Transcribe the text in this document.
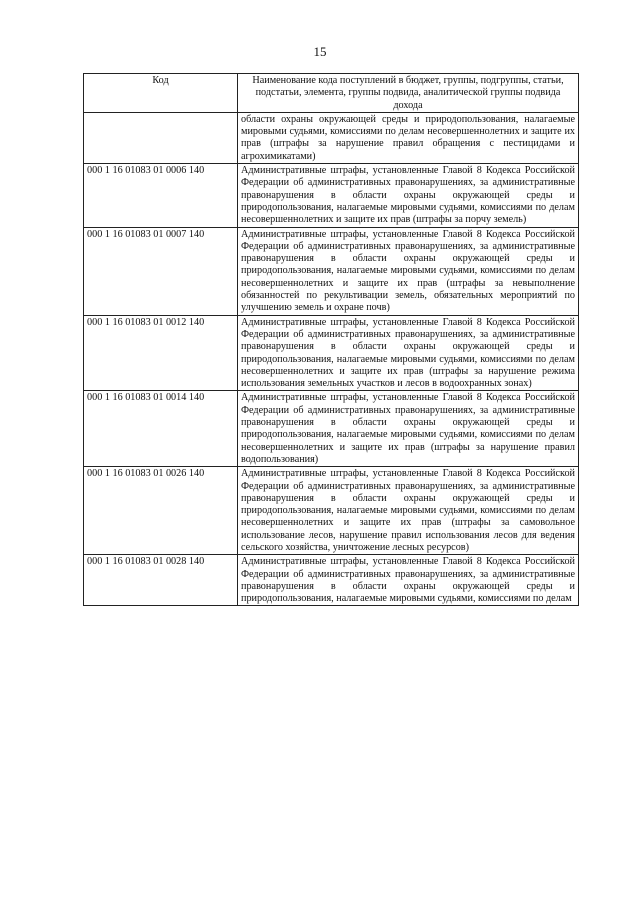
15
Код	Наименование кода поступлений в бюджет, группы, подгруппы, статьи, подстатьи, элемента, группы подвида, аналитической группы подвида дохода
	области охраны окружающей среды и природопользования, налагаемые мировыми судьями, комиссиями по делам несовершеннолетних и защите их прав (штрафы за нарушение правил обращения с пестицидами и агрохимикатами)
000 1 16 01083 01 0006 140	Административные штрафы, установленные Главой 8 Кодекса Российской Федерации об административных правонарушениях, за административные правонарушения в области охраны окружающей среды и природопользования, налагаемые мировыми судьями, комиссиями по делам несовершеннолетних и защите их прав (штрафы за порчу земель)
000 1 16 01083 01 0007 140	Административные штрафы, установленные Главой 8 Кодекса Российской Федерации об административных правонарушениях, за административные правонарушения в области охраны окружающей среды и природопользования, налагаемые мировыми судьями, комиссиями по делам несовершеннолетних и защите их прав (штрафы за невыполнение обязанностей по рекультивации земель, обязательных мероприятий по улучшению земель и охране почв)
000 1 16 01083 01 0012 140	Административные штрафы, установленные Главой 8 Кодекса Российской Федерации об административных правонарушениях, за административные правонарушения в области охраны окружающей среды и природопользования, налагаемые мировыми судьями, комиссиями по делам несовершеннолетних и защите их прав (штрафы за нарушение режима использования земельных участков и лесов в водоохранных зонах)
000 1 16 01083 01 0014 140	Административные штрафы, установленные Главой 8 Кодекса Российской Федерации об административных правонарушениях, за административные правонарушения в области охраны окружающей среды и природопользования, налагаемые мировыми судьями, комиссиями по делам несовершеннолетних и защите их прав (штрафы за нарушение правил водопользования)
000 1 16 01083 01 0026 140	Административные штрафы, установленные Главой 8 Кодекса Российской Федерации об административных правонарушениях, за административные правонарушения в области охраны окружающей среды и природопользования, налагаемые мировыми судьями, комиссиями по делам несовершеннолетних и защите их прав (штрафы за самовольное использование лесов, нарушение правил использования лесов для ведения сельского хозяйства, уничтожение лесных ресурсов)
000 1 16 01083 01 0028 140	Административные штрафы, установленные Главой 8 Кодекса Российской Федерации об административных правонарушениях, за административные правонарушения в области охраны окружающей среды и природопользования, налагаемые мировыми судьями, комиссиями по делам
